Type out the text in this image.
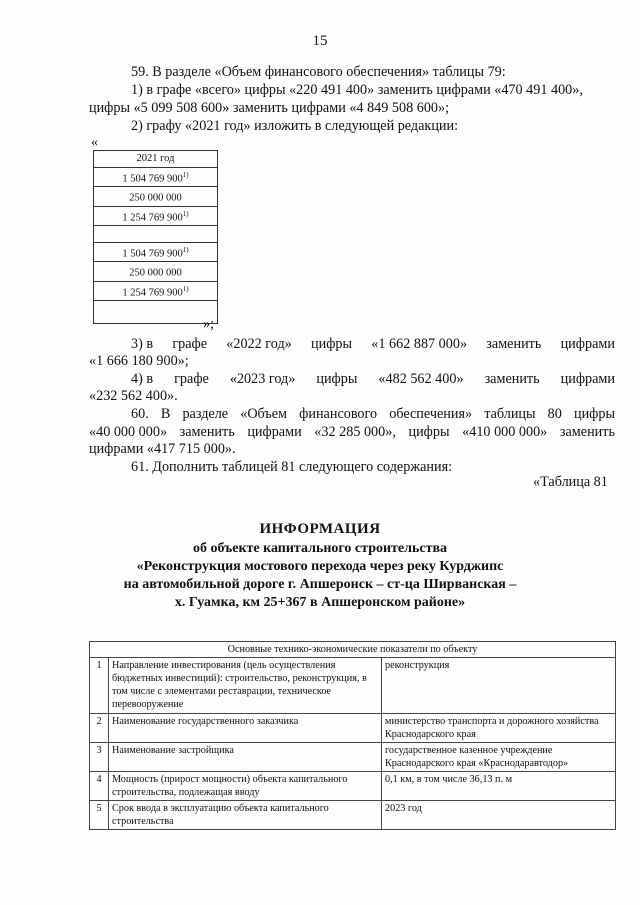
15
59. В разделе «Объем финансового обеспечения» таблицы 79:
1) в графе «всего» цифры «220 491 400» заменить цифрами «470 491 400»,
цифры «5 099 508 600» заменить цифрами «4 849 508 600»;
2) графу «2021 год» изложить в следующей редакции:
«
2021 год
1 504 769 900$^{1)}$
250 000 000
1 254 769 900$^{1)}$

1 504 769 900$^{1)}$
250 000 000
1 254 769 900$^{1)}$

»;
3) в графе «2022 год» цифры «1 662 887 000» заменить цифрами
«1 666 180 900»;
4) в графе «2023 год» цифры «482 562 400» заменить цифрами
«232 562 400».
60. В разделе «Объем финансового обеспечения» таблицы 80 цифры
«40 000 000» заменить цифрами «32 285 000», цифры «410 000 000» заменить
цифрами «417 715 000».
61. Дополнить таблицей 81 следующего содержания:
«Таблица 81
ИНФОРМАЦИЯ
об объекте капитального строительства
«Реконструкция мостового перехода через реку Курджипс
на автомобильной дороге г. Апшеронск – ст-ца Ширванская –
х. Гуамка, км 25+367 в Апшеронском районе»
Основные технико-экономические показатели по объекту		
1	Направление инвестирования (цель осуществления бюджетных инвестиций): строительство, реконструкция, в том числе с элементами реставрации, техническое перевооружение	реконструкция
2	Наименование государственного заказчика	министерство транспорта и дорожного хозяйства Краснодарского края
3	Наименование застройщика	государственное казенное учреждение Краснодарского края «Краснодаравтодор»
4	Мощность (прирост мощности) объекта капитального строительства, подлежащая вводу	0,1 км, в том числе 36,13 п. м
5	Срок ввода в эксплуатацию объекта капитального строительства	2023 год
